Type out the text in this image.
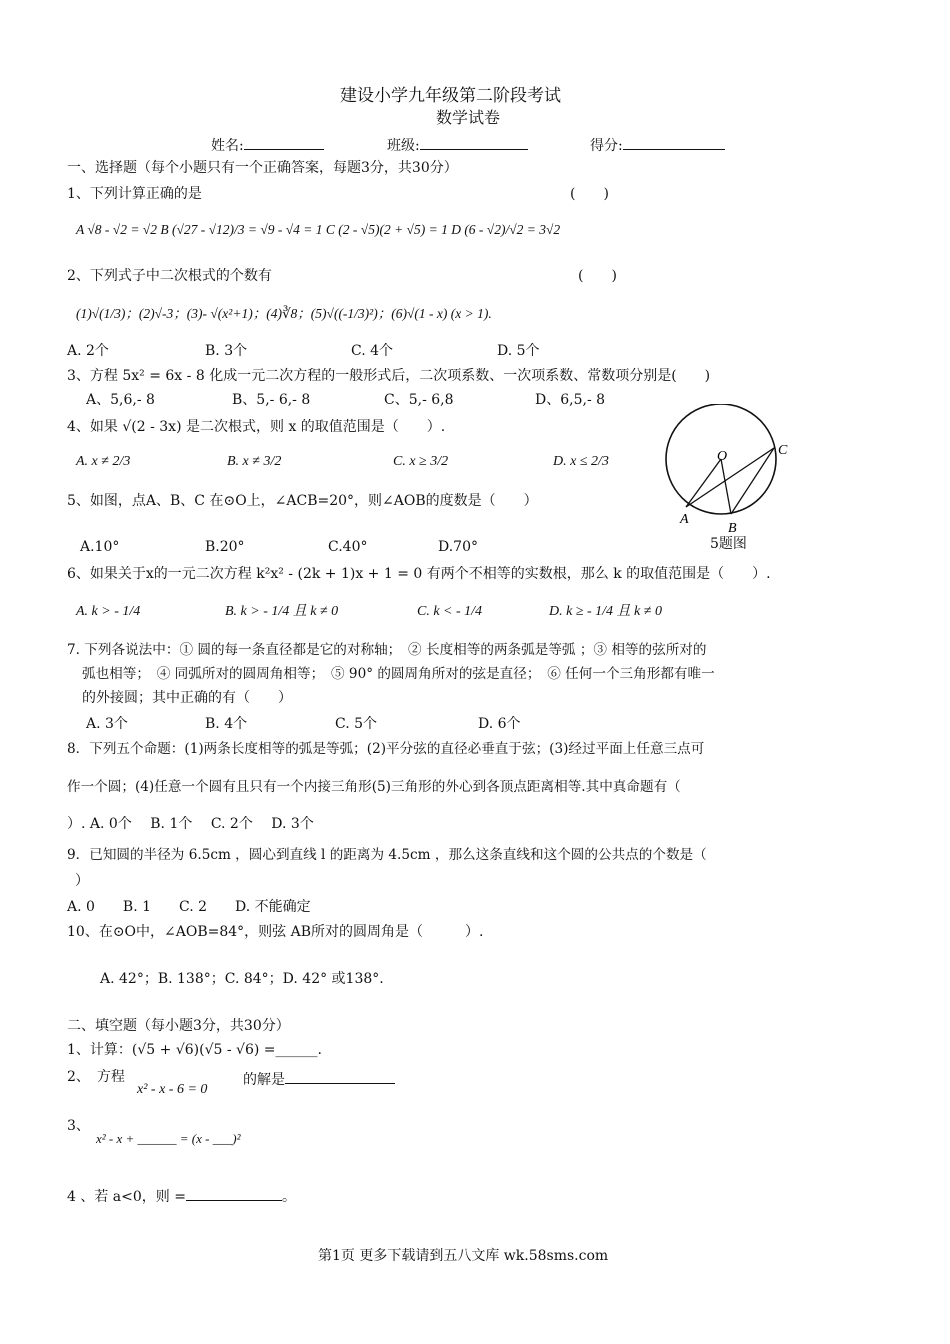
建设小学九年级第二阶段考试
数学试卷
姓名:	班级:	得分:
一、选择题（每个小题只有一个正确答案，每题3分，共30分）
1、下列计算正确的是	(　　)
A √8 - √2 = √2 B (√27 - √12)/3 = √9 - √4 = 1 C (2 - √5)(2 + √5) = 1 D (6 - √2)/√2 = 3√2
2、下列式子中二次根式的个数有	(　　)
(1)√(1/3)；(2)√-3；(3)- √(x²+1)；(4)∛8；(5)√((-1/3)²)；(6)√(1 - x) (x > 1).
A. 2个	B. 3个	C. 4个	D. 5个
3、方程 5x² = 6x - 8 化成一元二次方程的一般形式后，二次项系数、一次项系数、常数项分别是(　　)
A、5,6,- 8	B、5,- 6,- 8	C、5,- 6,8	D、6,5,- 8
4、如果 √(2 - 3x) 是二次根式，则 x 的取值范围是（　　）.
A. x ≠ 2/3	B. x ≠ 3/2	C. x ≥ 3/2	D. x ≤ 2/3
5、如图，点A、B、C 在⊙O上，∠ACB=20°，则∠AOB的度数是（　　）
A.10°	B.20°	C.40°	D.70°
O
A
B
C
5题图
6、如果关于x的一元二次方程 k²x² - (2k + 1)x + 1 = 0 有两个不相等的实数根，那么 k 的取值范围是（　　）.
A. k > - 1/4	B. k > - 1/4 且 k ≠ 0	C. k < - 1/4	D. k ≥ - 1/4 且 k ≠ 0
7. 下列各说法中：① 圆的每一条直径都是它的对称轴；　② 长度相等的两条弧是等弧 ；③ 相等的弦所对的
弧也相等；　④ 同弧所对的圆周角相等；　⑤ 90° 的圆周角所对的弦是直径；　⑥ 任何一个三角形都有唯一
的外接圆；其中正确的有（　　）
A. 3个	B. 4个	C. 5个	D. 6个
8．下列五个命题：(1)两条长度相等的弧是等弧；(2)平分弦的直径必垂直于弦；(3)经过平面上任意三点可
作一个圆；(4)任意一个圆有且只有一个内接三角形(5)三角形的外心到各顶点距离相等.其中真命题有（
）. A. 0个　 B. 1个　 C. 2个　 D. 3个
9．已知圆的半径为 6.5cm ，圆心到直线 l 的距离为 4.5cm ，那么这条直线和这个圆的公共点的个数是（
）
A. 0　　B. 1　　C. 2　　D. 不能确定
10、在⊙O中，∠AOB=84°，则弦 AB所对的圆周角是（　　　）.
A. 42°；B. 138°；C. 84°；D. 42° 或138°.
二、填空题（每小题3分，共30分）
1、计算：(√5 + √6)(√5 - √6) =______.
2、　方程
x² - x - 6 = 0
的解是
3、
x² - x + ______ = (x - ___)²
4 、若 a<0，则 =	。
第1页 更多下载请到五八文库 wk.58sms.com
